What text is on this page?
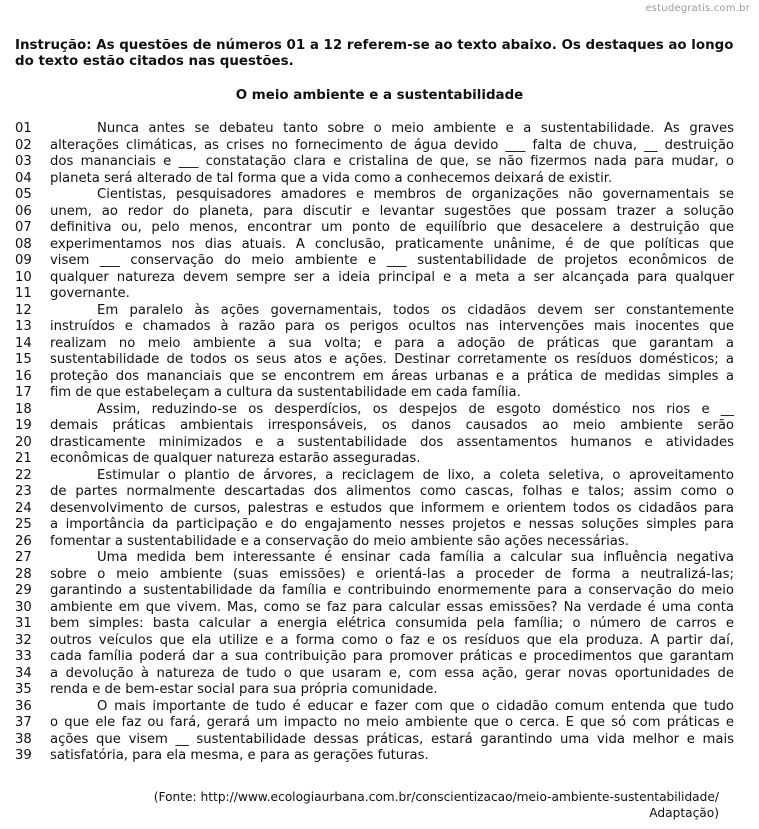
estudegratis.com.br
Instrução: As questões de números 01 a 12 referem-se ao texto abaixo. Os destaques ao longo do texto estão citados nas questões.
O meio ambiente e a sustentabilidade
01	Nunca antes se debateu tanto sobre o meio ambiente e a sustentabilidade. As graves
02	alterações climáticas, as crises no fornecimento de água devido ___ falta de chuva, __ destruição
03	dos mananciais e ___ constatação clara e cristalina de que, se não fizermos nada para mudar, o
04	planeta será alterado de tal forma que a vida como a conhecemos deixará de existir.
05	Cientistas, pesquisadores amadores e membros de organizações não governamentais se
06	unem, ao redor do planeta, para discutir e levantar sugestões que possam trazer a solução
07	definitiva ou, pelo menos, encontrar um ponto de equilíbrio que desacelere a destruição que
08	experimentamos nos dias atuais. A conclusão, praticamente unânime, é de que políticas que
09	visem ___ conservação do meio ambiente e ___ sustentabilidade de projetos econômicos de
10	qualquer natureza devem sempre ser a ideia principal e a meta a ser alcançada para qualquer
11	governante.
12	Em paralelo às ações governamentais, todos os cidadãos devem ser constantemente
13	instruídos e chamados à razão para os perigos ocultos nas intervenções mais inocentes que
14	realizam no meio ambiente a sua volta; e para a adoção de práticas que garantam a
15	sustentabilidade de todos os seus atos e ações. Destinar corretamente os resíduos domésticos; a
16	proteção dos mananciais que se encontrem em áreas urbanas e a prática de medidas simples a
17	fim de que estabeleçam a cultura da sustentabilidade em cada família.
18	Assim, reduzindo-se os desperdícios, os despejos de esgoto doméstico nos rios e __
19	demais práticas ambientais irresponsáveis, os danos causados ao meio ambiente serão
20	drasticamente minimizados e a sustentabilidade dos assentamentos humanos e atividades
21	econômicas de qualquer natureza estarão asseguradas.
22	Estimular o plantio de árvores, a reciclagem de lixo, a coleta seletiva, o aproveitamento
23	de partes normalmente descartadas dos alimentos como cascas, folhas e talos; assim como o
24	desenvolvimento de cursos, palestras e estudos que informem e orientem todos os cidadãos para
25	a importância da participação e do engajamento nesses projetos e nessas soluções simples para
26	fomentar a sustentabilidade e a conservação do meio ambiente são ações necessárias.
27	Uma medida bem interessante é ensinar cada família a calcular sua influência negativa
28	sobre o meio ambiente (suas emissões) e orientá-las a proceder de forma a neutralizá-las;
29	garantindo a sustentabilidade da família e contribuindo enormemente para a conservação do meio
30	ambiente em que vivem. Mas, como se faz para calcular essas emissões? Na verdade é uma conta
31	bem simples: basta calcular a energia elétrica consumida pela família; o número de carros e
32	outros veículos que ela utilize e a forma como o faz e os resíduos que ela produza. A partir daí,
33	cada família poderá dar a sua contribuição para promover práticas e procedimentos que garantam
34	a devolução à natureza de tudo o que usaram e, com essa ação, gerar novas oportunidades de
35	renda e de bem-estar social para sua própria comunidade.
36	O mais importante de tudo é educar e fazer com que o cidadão comum entenda que tudo
37	o que ele faz ou fará, gerará um impacto no meio ambiente que o cerca. E que só com práticas e
38	ações que visem __ sustentabilidade dessas práticas, estará garantindo uma vida melhor e mais
39	satisfatória, para ela mesma, e para as gerações futuras.
(Fonte: http://www.ecologiaurbana.com.br/conscientizacao/meio-ambiente-sustentabilidade/
Adaptação)
